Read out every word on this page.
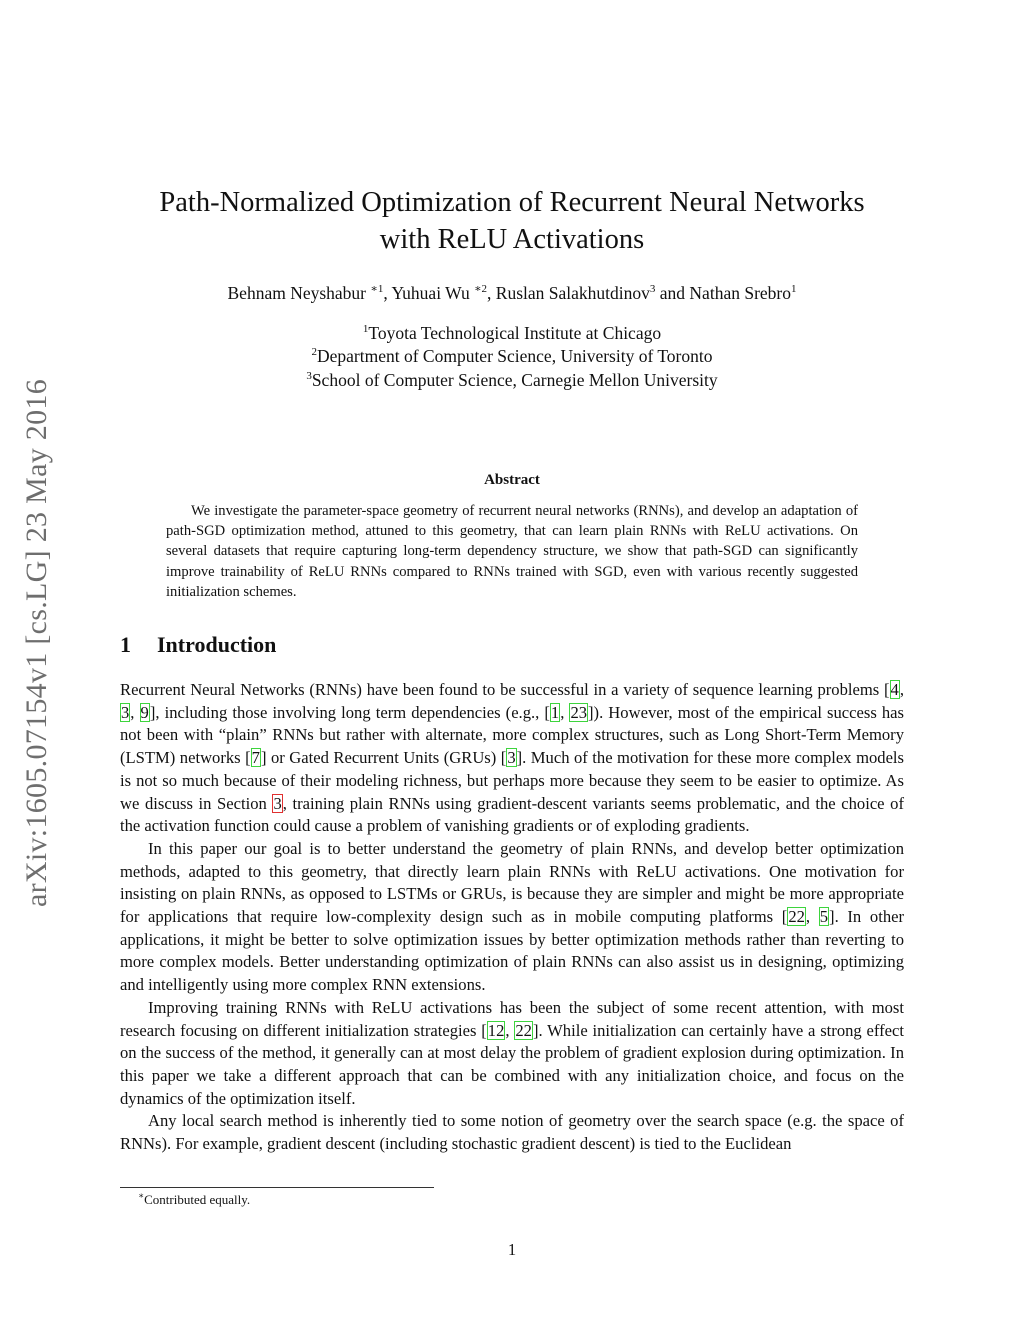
arXiv:1605.07154v1 [cs.LG] 23 May 2016
Path-Normalized Optimization of Recurrent Neural Networks
with ReLU Activations
Behnam Neyshabur $^{∗1}$, Yuhuai Wu $^{∗2}$, Ruslan Salakhutdinov$^3$ and Nathan Srebro$^1$
$^1$Toyota Technological Institute at Chicago
$^2$Department of Computer Science, University of Toronto
$^3$School of Computer Science, Carnegie Mellon University
Abstract
We investigate the parameter-space geometry of recurrent neural networks (RNNs), and develop an adaptation of path-SGD optimization method, attuned to this geometry, that can learn plain RNNs with ReLU activations. On several datasets that require capturing long-term dependency structure, we show that path-SGD can significantly improve trainability of ReLU RNNs compared to RNNs trained with SGD, even with various recently suggested initialization schemes.
1 Introduction

Recurrent Neural Networks (RNNs) have been found to be successful in a variety of sequence learning problems [4, 3, 9], including those involving long term dependencies (e.g., [1, 23]). However, most of the empirical success has not been with “plain” RNNs but rather with alternate, more complex structures, such as Long Short-Term Memory (LSTM) networks [7] or Gated Recurrent Units (GRUs) [3]. Much of the motivation for these more complex models is not so much because of their modeling richness, but perhaps more because they seem to be easier to optimize. As we discuss in Section 3, training plain RNNs using gradient-descent variants seems problematic, and the choice of the activation function could cause a problem of vanishing gradients or of exploding gradients.

In this paper our goal is to better understand the geometry of plain RNNs, and develop better optimization methods, adapted to this geometry, that directly learn plain RNNs with ReLU activations. One motivation for insisting on plain RNNs, as opposed to LSTMs or GRUs, is because they are simpler and might be more appropriate for applications that require low-complexity design such as in mobile computing platforms [22, 5]. In other applications, it might be better to solve optimization issues by better optimization methods rather than reverting to more complex models. Better understanding optimization of plain RNNs can also assist us in designing, optimizing and intelligently using more complex RNN extensions.

Improving training RNNs with ReLU activations has been the subject of some recent attention, with most research focusing on different initialization strategies [12, 22]. While initialization can certainly have a strong effect on the success of the method, it generally can at most delay the problem of gradient explosion during optimization. In this paper we take a different approach that can be combined with any initialization choice, and focus on the dynamics of the optimization itself.

Any local search method is inherently tied to some notion of geometry over the search space (e.g. the space of RNNs). For example, gradient descent (including stochastic gradient descent) is tied to the Euclidean

∗Contributed equally.
1
